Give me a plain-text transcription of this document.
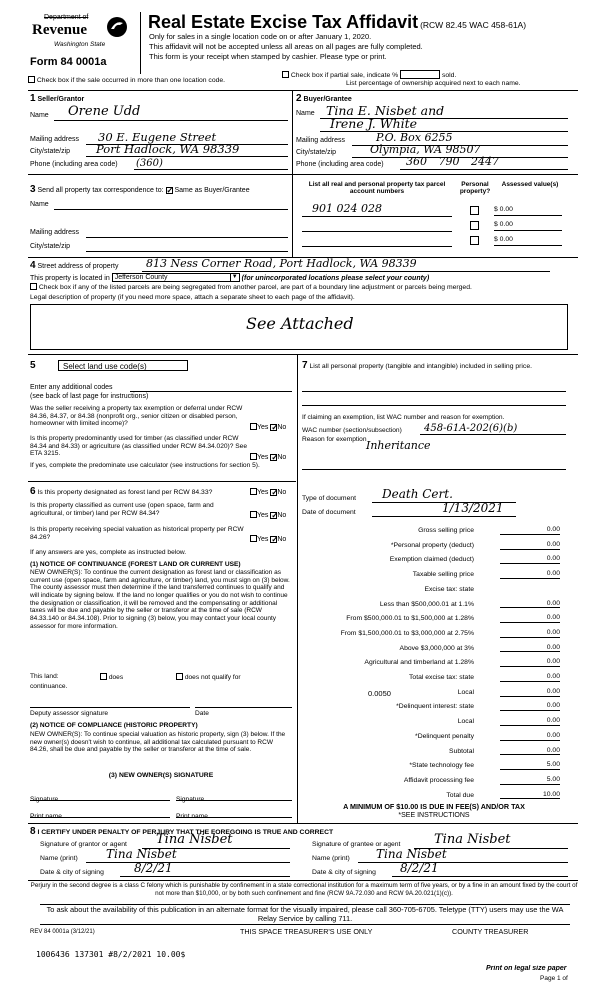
Department of
Revenue
Washington State
Form 84 0001a
Real Estate Excise Tax Affidavit (RCW 82.45 WAC 458-61A)
Only for sales in a single location code on or after January 1, 2020.
This affidavit will not be accepted unless all areas on all pages are fully completed.
This form is your receipt when stamped by cashier. Please type or print.
Check box if the sale occurred in more than one location code.
Check box if partial sale, indicate %	sold.
List percentage of ownership acquired next to each name.
1 Seller/Grantor
Name	Orene Udd
Mailing address	30 E. Eugene Street
City/state/zip	Port Hadlock, WA 98339
Phone (including area code) (360)
2 Buyer/Grantee
Name Tina E. Nisbet and
Irene J. White
Mailing address	P.O. Box 6255
City/state/zip	Olympia, WA 98507
Phone (including area code)	360 790 2447
3 Send all property tax correspondence to: ✓ Same as Buyer/Grantee
Name
Mailing address
City/state/zip
List all real and personal property tax parcel account numbers
Personal property?
Assessed value(s)
901 024 028	$ 0.00
$ 0.00
$ 0.00
4 Street address of property	813 Ness Corner Road, Port Hadlock, WA 98339
This property is located in Jefferson County	▼ (for unincorporated locations please select your county)
Check box if any of the listed parcels are being segregated from another parcel, are part of a boundary line adjustment or parcels being merged.
Legal description of property (if you need more space, attach a separate sheet to each page of the affidavit).
See Attached
5	Select land use code(s)
Enter any additional codes
(see back of last page for instructions)
Was the seller receiving a property tax exemption or deferral under RCW 84.36, 84.37, or 84.38 (nonprofit org., senior citizen or disabled person, homeowner with limited income)?
Yes ✓ No
Is this property predominantly used for timber (as classified under RCW 84.34 and 84.33) or agriculture (as classified under RCW 84.34.020)? See ETA 3215.
Yes ✓ No
If yes, complete the predominate use calculator (see instructions for section 5).
6 Is this property designated as forest land per RCW 84.33?	Yes ✓ No
Is this property classified as current use (open space, farm and agricultural, or timber) land per RCW 84.34?	Yes ✓ No
Is this property receiving special valuation as historical property per RCW 84.26?	Yes ✓ No
If any answers are yes, complete as instructed below.
(1) NOTICE OF CONTINUANCE (FOREST LAND OR CURRENT USE)
NEW OWNER(S): To continue the current designation as forest land or classification as current use (open space, farm and agriculture, or timber) land, you must sign on (3) below. The county assessor must then determine if the land transferred continues to qualify and will indicate by signing below. If the land no longer qualifies or you do not wish to continue the designation or classification, it will be removed and the compensating or additional taxes will be due and payable by the seller or transferor at the time of sale (RCW 84.33.140 or 84.34.108). Prior to signing (3) below, you may contact your local county assessor for more information.
This land:	does	does not qualify for
continuance.
Deputy assessor signature	Date
(2) NOTICE OF COMPLIANCE (HISTORIC PROPERTY)
NEW OWNER(S): To continue special valuation as historic property, sign (3) below. If the new owner(s) doesn't wish to continue, all additional tax calculated pursuant to RCW 84.26, shall be due and payable by the seller or transferor at the time of sale.
(3) NEW OWNER(S) SIGNATURE
Signature	Signature
Print name	Print name
7 List all personal property (tangible and intangible) included in selling price.
If claiming an exemption, list WAC number and reason for exemption.
WAC number (section/subsection)	458-61A-202(6)(b)
Reason for exemption Inheritance
Type of document	Death Cert.
Date of document	1/13/2021
Gross selling price	0.00
*Personal property (deduct)	0.00
Exemption claimed (deduct)	0.00
Taxable selling price	0.00
Excise tax: state
Less than $500,000.01 at 1.1%	0.00
From $500,000.01 to $1,500,000 at 1.28%	0.00
From $1,500,000.01 to $3,000,000 at 2.75%	0.00
Above $3,000,000 at 3%	0.00
Agricultural and timberland at 1.28%	0.00
Total excise tax: state	0.00
Local	0.00
*Delinquent interest: state	0.00
Local	0.00
*Delinquent penalty	0.00
Subtotal	0.00
*State technology fee	5.00
Affidavit processing fee	5.00
Total due	10.00
0.0050
A MINIMUM OF $10.00 IS DUE IN FEE(S) AND/OR TAX
*SEE INSTRUCTIONS
8 I CERTIFY UNDER PENALTY OF PERJURY THAT THE FOREGOING IS TRUE AND CORRECT
Signature of grantor or agent	Tina Nisbet
Name (print)	Tina Nisbet
Date & city of signing	8/2/21
Signature of grantee or agent	Tina Nisbet
Name (print)	Tina Nisbet
Date & city of signing	8/2/21
Perjury in the second degree is a class C felony which is punishable by confinement in a state correctional institution for a maximum term of five years, or by a fine in an amount fixed by the court of not more than $10,000, or by both such confinement and fine (RCW 9A.72.030 and RCW 9A.20.021(1)(c)).
To ask about the availability of this publication in an alternate format for the visually impaired, please call 360-705-6705. Teletype (TTY) users may use the WA Relay Service by calling 711.
REV 84 0001a (3/12/21)	THIS SPACE TREASURER'S USE ONLY	COUNTY TREASURER
1006436 137301 #8/2/2021 10.00$
Print on legal size paper
Page 1 of
